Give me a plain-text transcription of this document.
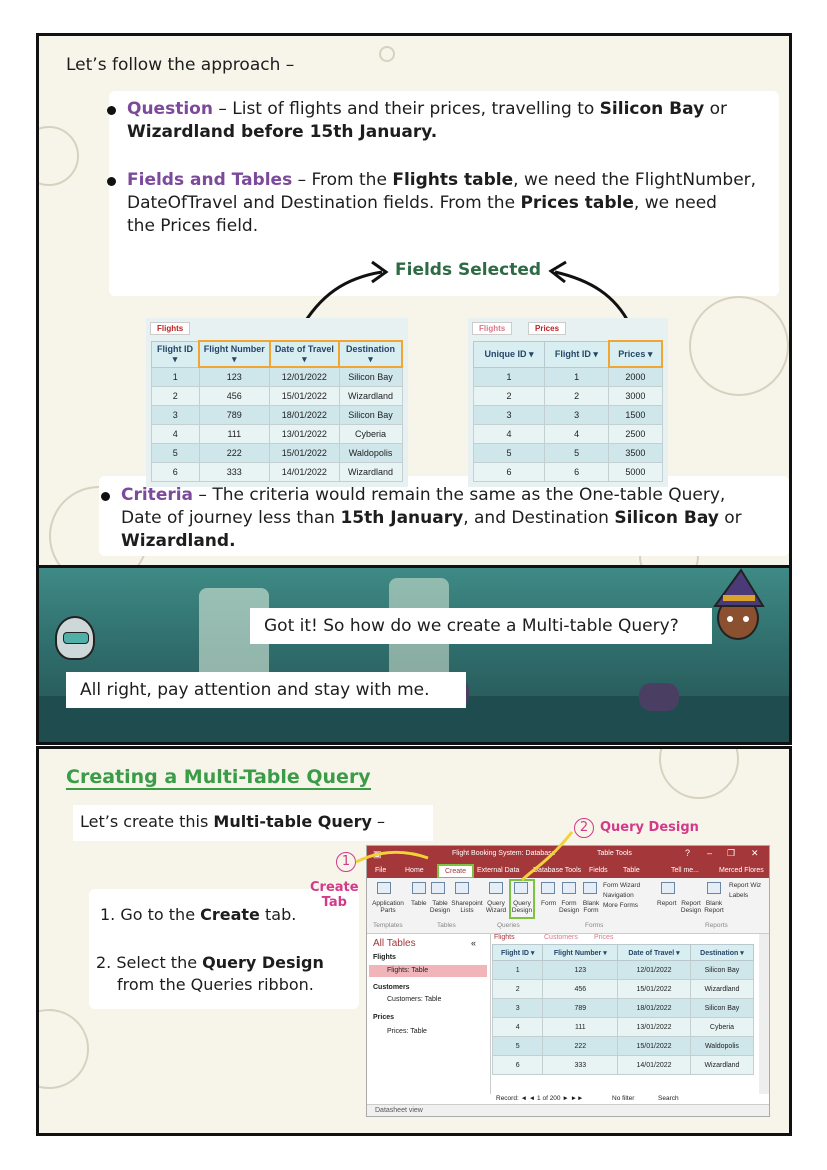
Let’s follow the approach –
Question – List of flights and their prices, travelling to Silicon Bay or
Wizardland before 15th January.
Fields and Tables – From the Flights table, we need the FlightNumber,
DateOfTravel and Destination fields. From the Prices table, we need
the Prices field.
Fields Selected
Flights
Flight ID ▾	Flight Number ▾	Date of Travel ▾	Destination ▾
1	123	12/01/2022	Silicon Bay
2	456	15/01/2022	Wizardland
3	789	18/01/2022	Silicon Bay
4	111	13/01/2022	Cyberia
5	222	15/01/2022	Waldopolis
6	333	14/01/2022	Wizardland
Flights	Prices
Unique ID ▾	Flight ID ▾	Prices ▾
1	1	2000
2	2	3000
3	3	1500
4	4	2500
5	5	3500
6	6	5000
Criteria – The criteria would remain the same as the One-table Query,
Date of journey less than 15th January, and Destination Silicon Bay or
Wizardland.
Got it! So how do we create a Multi-table Query?
All right, pay attention and stay with me.
Creating a Multi-Table Query
Let’s create this Multi-table Query –
1. Go to the Create tab.
2. Select the Query Design
from the Queries ribbon.
1
Create
Tab
2 Query Design
▣	Flight Booking System: Database	Table Tools	? – ❐ ✕
File	Home	Create	External Data Database Tools Fields Table	Tell me...	Merced Flores
Application Parts
Table Table Design
Sharepoint Lists
Query Wizard
Query Design
Form Form Design
Blank Form
Form Wizard
Navigation
More Forms	Report Report Design
Blank Report
Report Wiz
Labels
Templates	Tables	Queries	Forms	Reports
All Tables	«
Flights
Flights: Table
Customers
Customers: Table
Prices
Prices: Table
Flights	Customers Prices
Flight ID ▾	Flight Number ▾	Date of Travel ▾	Destination ▾
1	123	12/01/2022	Silicon Bay
2	456	15/01/2022	Wizardland
3	789	18/01/2022	Silicon Bay
4	111	13/01/2022	Cyberia
5	222	15/01/2022	Waldopolis
6	333	14/01/2022	Wizardland
Record: ◄ ◄ 1 of 200 ► ►►	No filter	Search
Datasheet view
